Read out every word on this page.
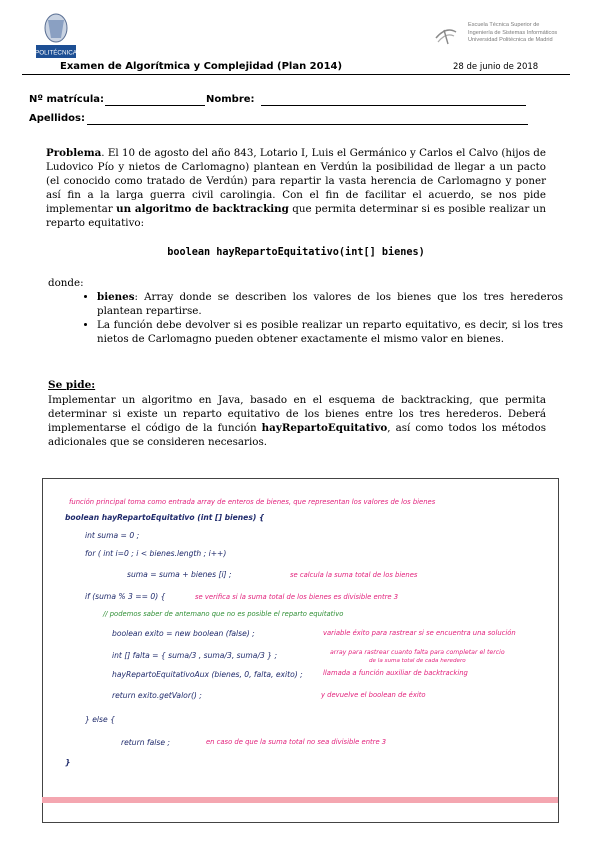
POLITÉCNICA
Escuela Técnica Superior de
Ingeniería de Sistemas Informáticos
Universidad Politécnica de Madrid
Examen de Algorítmica y Complejidad (Plan 2014)	28 de junio de 2018
Nº matrícula:	Nombre:
Apellidos:
Problema. El 10 de agosto del año 843, Lotario I, Luis el Germánico y Carlos el Calvo (hijos de Ludovico Pío y nietos de Carlomagno) plantean en Verdún la posibilidad de llegar a un pacto (el conocido como tratado de Verdún) para repartir la vasta herencia de Carlomagno y poner así fin a la larga guerra civil carolingia. Con el fin de facilitar el acuerdo, se nos pide implementar un algoritmo de backtracking que permita determinar si es posible realizar un reparto equitativo:
boolean hayRepartoEquitativo(int[] bienes)
donde:
• bienes: Array donde se describen los valores de los bienes que los tres herederos plantean repartirse.
• La función debe devolver si es posible realizar un reparto equitativo, es decir, si los tres nietos de Carlomagno pueden obtener exactamente el mismo valor en bienes.
Se pide:
Implementar un algoritmo en Java, basado en el esquema de backtracking, que permita determinar si existe un reparto equitativo de los bienes entre los tres herederos. Deberá implementarse el código de la función hayRepartoEquitativo, así como todos los métodos adicionales que se consideren necesarios.
función principal toma como entrada array de enteros de bienes, que representan los valores de los bienes
boolean hayRepartoEquitativo (int [] bienes) {
int suma = 0 ;
for ( int i=0 ; i < bienes.length ; i++)
suma = suma + bienes [i] ;	se calcula la suma total de los bienes
if (suma % 3 == 0) {	se verifica si la suma total de los bienes es divisible entre 3
// podemos saber de antemano que no es posible el reparto equitativo
boolean exito = new boolean (false) ;	variable éxito para rastrear si se encuentra una solución
int [] falta = { suma/3 , suma/3, suma/3 } ;	array para rastrear cuanto falta para completar el tercio
de la suma total de cada heredero
hayRepartoEquitativoAux (bienes, 0, falta, exito) ;	llamada a función auxiliar de backtracking
return exito.getValor() ;	y devuelve el boolean de éxito
} else {
return false ;	en caso de que la suma total no sea divisible entre 3
}
